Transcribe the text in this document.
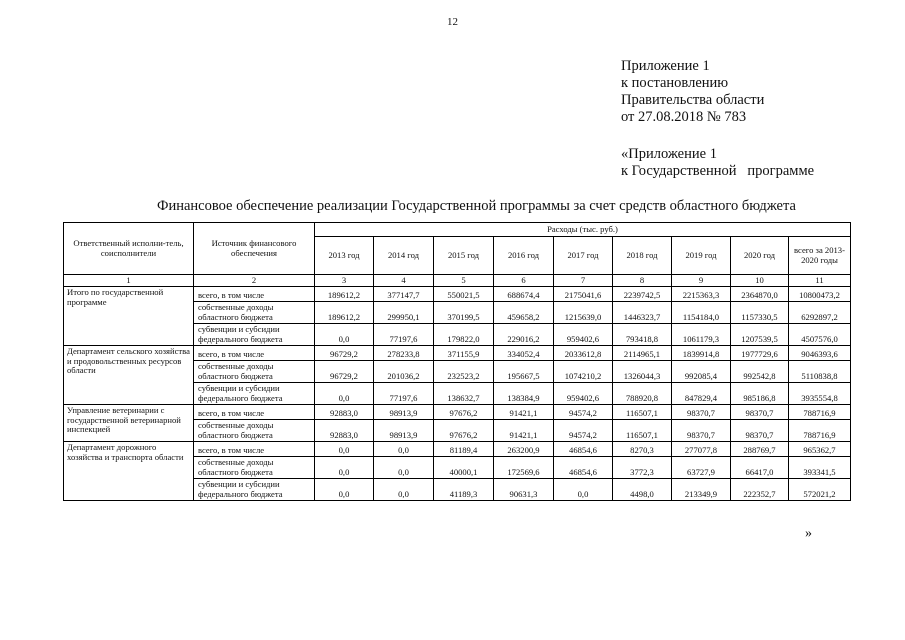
12
Приложение 1
к постановлению
Правительства области
от 27.08.2018 № 783
«Приложение 1
к Государственной   программе
Финансовое обеспечение реализации Государственной программы за счет средств областного бюджета
Ответственный исполни-тель, соисполнители	Источник финансового обеспечения	Расходы (тыс. руб.)								
		2013 год	2014 год	2015 год	2016 год	2017 год	2018 год	2019 год	2020 год	всего за 2013-2020 годы
1	2	3	4	5	6	7	8	9	10	11
Итого по государственной программе	всего, в том числе	189612,2	377147,7	550021,5	688674,4	2175041,6	2239742,5	2215363,3	2364870,0	10800473,2
	собственные доходы областного бюджета	189612,2	299950,1	370199,5	459658,2	1215639,0	1446323,7	1154184,0	1157330,5	6292897,2
	субвенции и субсидии федерального бюджета	0,0	77197,6	179822,0	229016,2	959402,6	793418,8	1061179,3	1207539,5	4507576,0
Департамент сельского хозяйства и продовольственных ресурсов области	всего, в том числе	96729,2	278233,8	371155,9	334052,4	2033612,8	2114965,1	1839914,8	1977729,6	9046393,6
	собственные доходы областного бюджета	96729,2	201036,2	232523,2	195667,5	1074210,2	1326044,3	992085,4	992542,8	5110838,8
	субвенции и субсидии федерального бюджета	0,0	77197,6	138632,7	138384,9	959402,6	788920,8	847829,4	985186,8	3935554,8
Управление ветеринарии с государственной ветеринарной инспекцией	всего, в том числе	92883,0	98913,9	97676,2	91421,1	94574,2	116507,1	98370,7	98370,7	788716,9
	собственные доходы областного бюджета	92883,0	98913,9	97676,2	91421,1	94574,2	116507,1	98370,7	98370,7	788716,9
Департамент дорожного хозяйства и транспорта области	всего, в том числе	0,0	0,0	81189,4	263200,9	46854,6	8270,3	277077,8	288769,7	965362,7
	собственные доходы областного бюджета	0,0	0,0	40000,1	172569,6	46854,6	3772,3	63727,9	66417,0	393341,5
	субвенции и субсидии федерального бюджета	0,0	0,0	41189,3	90631,3	0,0	4498,0	213349,9	222352,7	572021,2
»
